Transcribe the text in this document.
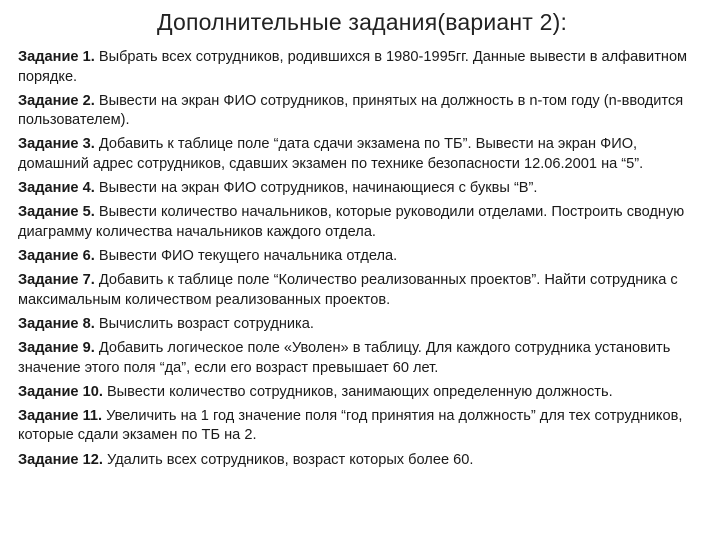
Дополнительные задания(вариант 2):
Задание 1. Выбрать всех сотрудников, родившихся в 1980-1995гг. Данные вывести в алфавитном порядке.
Задание 2. Вывести на экран ФИО сотрудников, принятых на должность в n-том году (n-вводится пользователем).
Задание 3. Добавить к таблице поле “дата сдачи экзамена по ТБ”. Вывести на экран ФИО, домашний адрес сотрудников, сдавших экзамен по технике безопасности 12.06.2001 на “5”.
Задание 4. Вывести на экран ФИО сотрудников, начинающиеся с буквы “В”.
Задание 5. Вывести количество начальников, которые руководили отделами. Построить сводную диаграмму количества начальников каждого отдела.
Задание 6. Вывести ФИО текущего начальника отдела.
Задание 7. Добавить к таблице поле “Количество реализованных проектов”. Найти сотрудника с максимальным количеством реализованных проектов.
Задание 8. Вычислить возраст сотрудника.
Задание 9. Добавить логическое поле «Уволен» в таблицу. Для каждого сотрудника установить значение этого поля “да”, если его возраст превышает 60 лет.
Задание 10. Вывести количество сотрудников, занимающих определенную должность.
Задание 11. Увеличить на 1 год значение поля “год принятия на должность” для тех сотрудников, которые сдали экзамен по ТБ на 2.
Задание 12. Удалить всех сотрудников, возраст которых более 60.
